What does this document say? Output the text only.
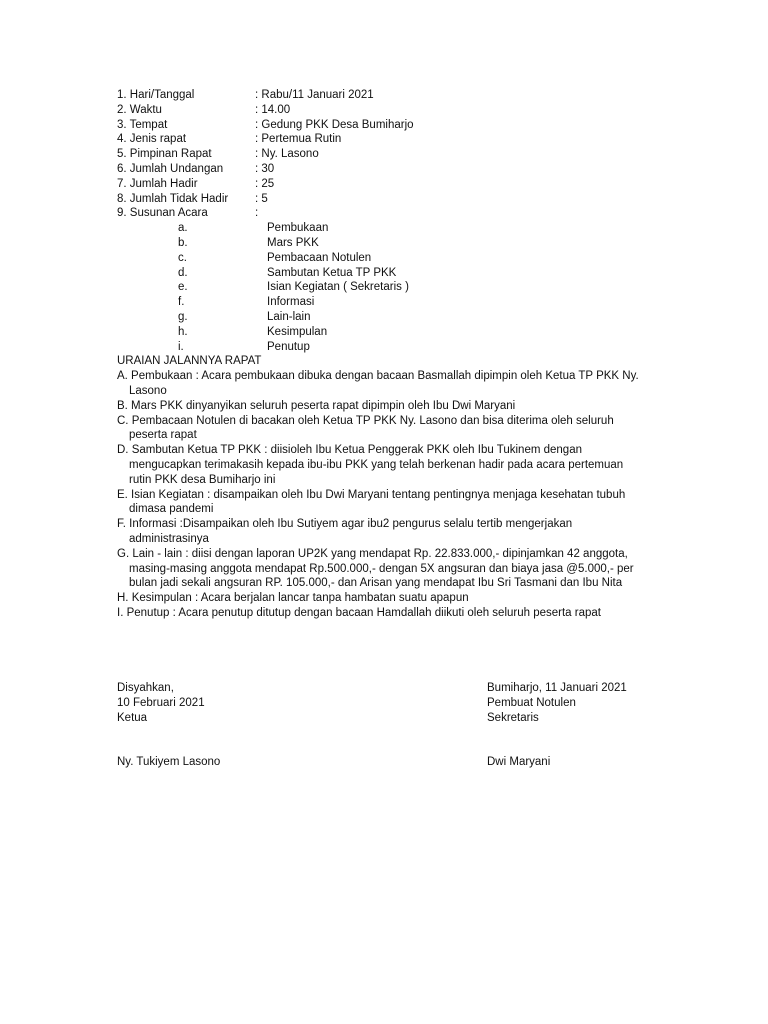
1. Hari/Tanggal	: Rabu/11 Januari 2021
2. Waktu	: 14.00
3. Tempat	: Gedung PKK Desa Bumiharjo
4. Jenis rapat	: Pertemua Rutin
5. Pimpinan Rapat	: Ny. Lasono
6. Jumlah Undangan	: 30
7. Jumlah Hadir	: 25
8. Jumlah Tidak Hadir	: 5
9. Susunan Acara	:
a.	Pembukaan
b.	Mars PKK
c.	Pembacaan Notulen
d.	Sambutan Ketua TP PKK
e.	Isian Kegiatan ( Sekretaris )
f.	Informasi
g.	Lain-lain
h.	Kesimpulan
i.	Penutup
URAIAN JALANNYA RAPAT
A. Pembukaan : Acara pembukaan dibuka dengan bacaan Basmallah dipimpin oleh Ketua TP PKK Ny.
Lasono
B. Mars PKK dinyanyikan seluruh peserta rapat dipimpin oleh Ibu Dwi Maryani
C. Pembacaan Notulen di bacakan oleh Ketua TP PKK Ny. Lasono dan bisa diterima oleh seluruh
peserta rapat
D. Sambutan Ketua TP PKK : diisioleh Ibu Ketua Penggerak PKK oleh Ibu Tukinem dengan
mengucapkan terimakasih kepada ibu-ibu PKK yang telah berkenan hadir pada acara pertemuan
rutin PKK desa Bumiharjo ini
E. Isian Kegiatan : disampaikan oleh Ibu Dwi Maryani tentang pentingnya menjaga kesehatan tubuh
dimasa pandemi
F. Informasi :Disampaikan oleh Ibu Sutiyem agar ibu2 pengurus selalu tertib mengerjakan
administrasinya
G. Lain - lain : diisi dengan laporan UP2K yang mendapat Rp. 22.833.000,- dipinjamkan 42 anggota,
masing-masing anggota mendapat Rp.500.000,- dengan 5X angsuran dan biaya jasa @5.000,- per
bulan jadi sekali angsuran RP. 105.000,- dan Arisan yang mendapat Ibu Sri Tasmani dan Ibu Nita
H. Kesimpulan : Acara berjalan lancar tanpa hambatan suatu apapun
I. Penutup : Acara penutup ditutup dengan bacaan Hamdallah diikuti oleh seluruh peserta rapat
Disyahkan,
10 Februari 2021
Ketua
Ny. Tukiyem Lasono
Bumiharjo, 11 Januari 2021
Pembuat Notulen
Sekretaris
Dwi Maryani
